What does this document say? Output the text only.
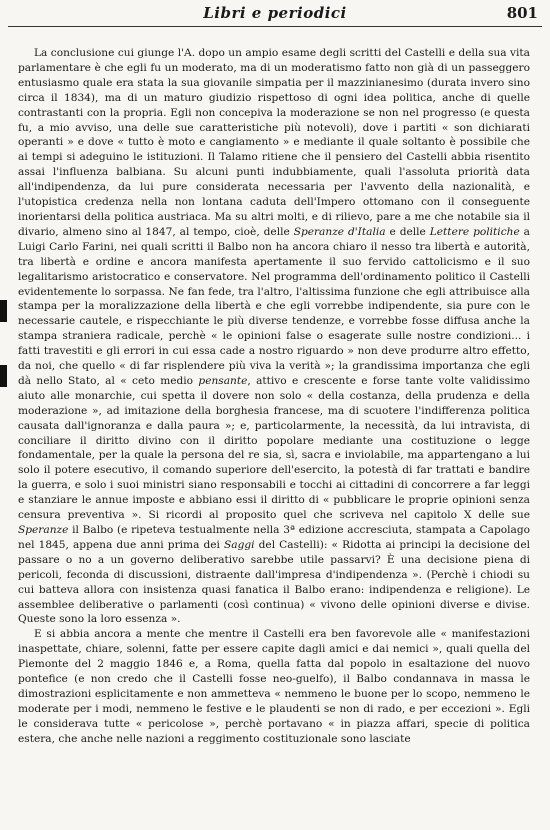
Libri e periodici	801

La conclusione cui giunge l'A. dopo un ampio esame degli scritti del Castelli e della sua vita parlamentare è che egli fu un moderato, ma di un moderatismo fatto non già di un passeggero entusiasmo quale era stata la sua giovanile simpatia per il mazzinianesimo (durata invero sino circa il 1834), ma di un maturo giudizio rispettoso di ogni idea politica, anche di quelle contrastanti con la propria. Egli non concepiva la moderazione se non nel progresso (e questa fu, a mio avviso, una delle sue caratteristiche più notevoli), dove i partiti « son dichiarati operanti » e dove « tutto è moto e cangiamento » e mediante il quale soltanto è possibile che ai tempi si adeguino le istituzioni. Il Talamo ritiene che il pensiero del Castelli abbia risentito assai l'influenza balbiana. Su alcuni punti indubbiamente, quali l'assoluta priorità data all'indipendenza, da lui pure considerata necessaria per l'avvento della nazionalità, e l'utopistica credenza nella non lontana caduta dell'Impero ottomano con il conseguente inorientarsi della politica austriaca. Ma su altri molti, e di rilievo, pare a me che notabile sia il divario, almeno sino al 1847, al tempo, cioè, delle Speranze d'Italia e delle Lettere politiche a Luigi Carlo Farini, nei quali scritti il Balbo non ha ancora chiaro il nesso tra libertà e autorità, tra libertà e ordine e ancora manifesta apertamente il suo fervido cattolicismo e il suo legalitarismo aristocratico e conservatore. Nel programma dell'ordinamento politico il Castelli evidentemente lo sorpassa. Ne fan fede, tra l'altro, l'altissima funzione che egli attribuisce alla stampa per la moralizzazione della libertà e che egli vorrebbe indipendente, sia pure con le necessarie cautele, e rispecchiante le più diverse tendenze, e vorrebbe fosse diffusa anche la stampa straniera radicale, perchè « le opinioni false o esagerate sulle nostre condizioni... i fatti travestiti e gli errori in cui essa cade a nostro riguardo » non deve produrre altro effetto, da noi, che quello « di far risplendere più viva la verità »; la grandissima importanza che egli dà nello Stato, al « ceto medio pensante, attivo e crescente e forse tante volte validissimo aiuto alle monarchie, cui spetta il dovere non solo « della costanza, della prudenza e della moderazione », ad imitazione della borghesia francese, ma di scuotere l'indifferenza politica causata dall'ignoranza e dalla paura »; e, particolarmente, la necessità, da lui intravista, di conciliare il diritto divino con il diritto popolare mediante una costituzione o legge fondamentale, per la quale la persona del re sia, sì, sacra e inviolabile, ma appartengano a lui solo il potere esecutivo, il comando superiore dell'esercito, la potestà di far trattati e bandire la guerra, e solo i suoi ministri siano responsabili e tocchi ai cittadini di concorrere a far leggi e stanziare le annue imposte e abbiano essi il diritto di « pubblicare le proprie opinioni senza censura preventiva ». Si ricordi al proposito quel che scriveva nel capitolo X delle sue Speranze il Balbo (e ripeteva testualmente nella 3ª edizione accresciuta, stampata a Capolago nel 1845, appena due anni prima dei Saggi del Castelli): « Ridotta ai principi la decisione del passare o no a un governo deliberativo sarebbe utile passarvi? È una decisione piena di pericoli, feconda di discussioni, distraente dall'impresa d'indipendenza ». (Perchè i chiodi su cui batteva allora con insistenza quasi fanatica il Balbo erano: indipendenza e religione). Le assemblee deliberative o parlamenti (così continua) « vivono delle opinioni diverse e divise. Queste sono la loro essenza ».

E si abbia ancora a mente che mentre il Castelli era ben favorevole alle « manifestazioni inaspettate, chiare, solenni, fatte per essere capite dagli amici e dai nemici », quali quella del Piemonte del 2 maggio 1846 e, a Roma, quella fatta dal popolo in esaltazione del nuovo pontefice (e non credo che il Castelli fosse neo-guelfo), il Balbo condannava in massa le dimostrazioni esplicitamente e non ammetteva « nemmeno le buone per lo scopo, nemmeno le moderate per i modi, nemmeno le festive e le plaudenti se non di rado, e per eccezioni ». Egli le considerava tutte « pericolose », perchè portavano « in piazza affari, specie di politica estera, che anche nelle nazioni a reggimento costituzionale sono lasciate
